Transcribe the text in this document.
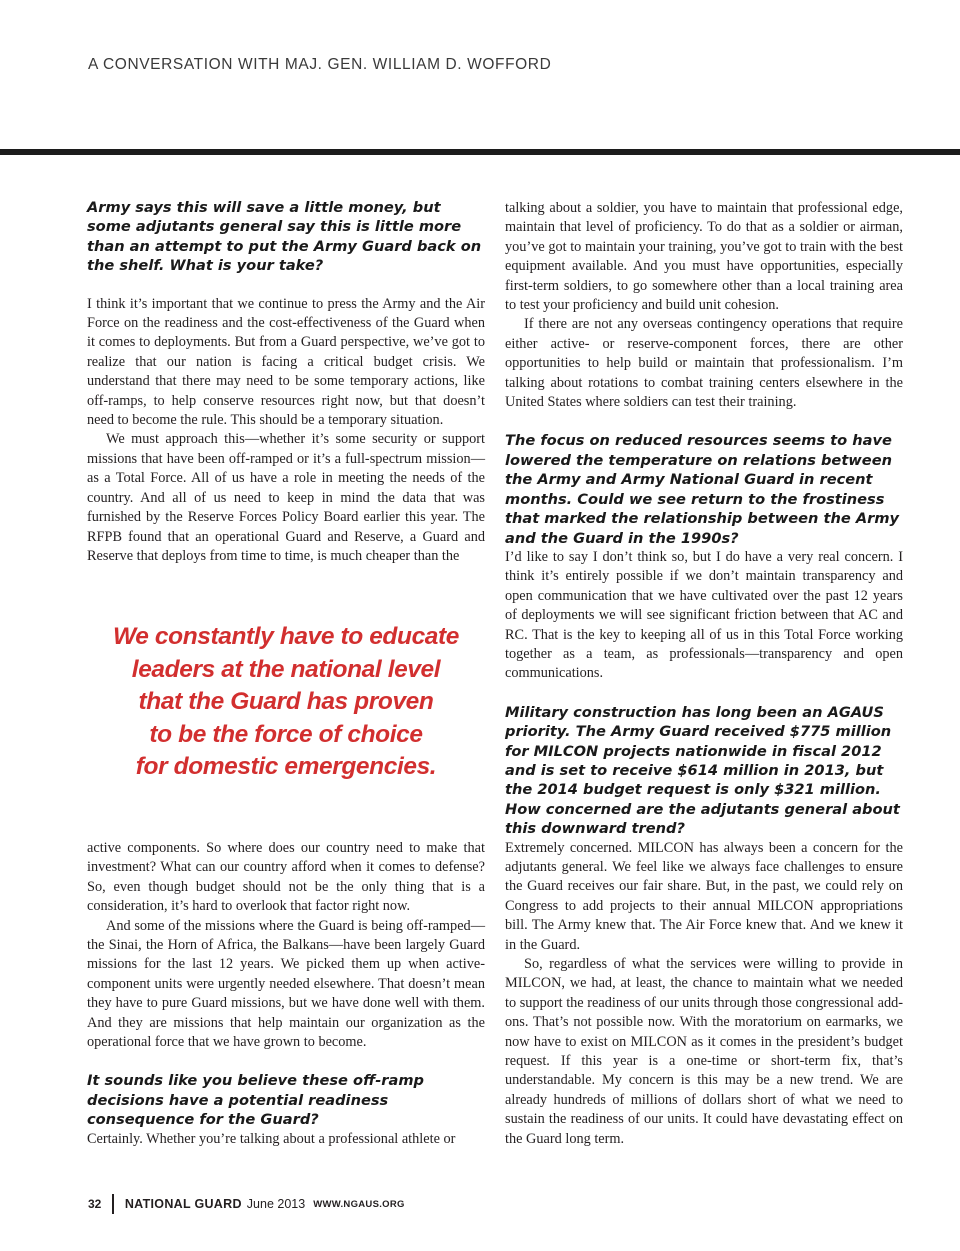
A CONVERSATION WITH MAJ. GEN. WILLIAM D. WOFFORD

Army says this will save a little money, but some adjutants general say this is little more than an attempt to put the Army Guard back on the shelf. What is your take?

I think it’s important that we continue to press the Army and the Air Force on the readiness and the cost-effectiveness of the Guard when it comes to deployments. But from a Guard perspective, we’ve got to realize that our nation is facing a critical budget crisis. We understand that there may need to be some temporary actions, like off-ramps, to help conserve resources right now, but that doesn’t need to become the rule. This should be a temporary situation.

We must approach this—whether it’s some security or support missions that have been off-ramped or it’s a full-spectrum mission—as a Total Force. All of us have a role in meeting the needs of the country. And all of us need to keep in mind the data that was furnished by the Reserve Forces Policy Board earlier this year. The RFPB found that an operational Guard and Reserve, a Guard and Reserve that deploys from time to time, is much cheaper than the

We constantly have to educate
leaders at the national level
that the Guard has proven
to be the force of choice
for domestic emergencies.

active components. So where does our country need to make that investment? What can our country afford when it comes to defense? So, even though budget should not be the only thing that is a consideration, it’s hard to overlook that factor right now.

And some of the missions where the Guard is being off-ramped—the Sinai, the Horn of Africa, the Balkans—have been largely Guard missions for the last 12 years. We picked them up when active-component units were urgently needed elsewhere. That doesn’t mean they have to pure Guard missions, but we have done well with them. And they are missions that help maintain our organization as the operational force that we have grown to become.

It sounds like you believe these off-ramp decisions have a potential readiness consequence for the Guard?

Certainly. Whether you’re talking about a professional athlete or

talking about a soldier, you have to maintain that professional edge, maintain that level of proficiency. To do that as a soldier or airman, you’ve got to maintain your training, you’ve got to train with the best equipment available. And you must have opportunities, especially first-term soldiers, to go somewhere other than a local training area to test your proficiency and build unit cohesion.

If there are not any overseas contingency operations that require either active- or reserve-component forces, there are other opportunities to help build or maintain that professionalism. I’m talking about rotations to combat training centers elsewhere in the United States where soldiers can test their training.

The focus on reduced resources seems to have lowered the temperature on relations between the Army and Army National Guard in recent months. Could we see return to the frostiness that marked the relationship between the Army and the Guard in the 1990s?

I’d like to say I don’t think so, but I do have a very real concern. I think it’s entirely possible if we don’t maintain transparency and open communication that we have cultivated over the past 12 years of deployments we will see significant friction between that AC and RC. That is the key to keeping all of us in this Total Force working together as a team, as professionals—transparency and open communications.

Military construction has long been an AGAUS priority. The Army Guard received $775 million for MILCON projects nationwide in fiscal 2012 and is set to receive $614 million in 2013, but the 2014 budget request is only $321 million. How concerned are the adjutants general about this downward trend?

Extremely concerned. MILCON has always been a concern for the adjutants general. We feel like we always face challenges to ensure the Guard receives our fair share. But, in the past, we could rely on Congress to add projects to their annual MILCON appropriations bill. The Army knew that. The Air Force knew that. And we knew it in the Guard.

So, regardless of what the services were willing to provide in MILCON, we had, at least, the chance to maintain what we needed to support the readiness of our units through those congressional add-ons. That’s not possible now. With the moratorium on earmarks, we now have to exist on MILCON as it comes in the president’s budget request. If this year is a one-time or short-term fix, that’s understandable. My concern is this may be a new trend. We are already hundreds of millions of dollars short of what we need to sustain the readiness of our units. It could have devastating effect on the Guard long term.

32 NATIONAL GUARD June 2013 WWW.NGAUS.ORG
